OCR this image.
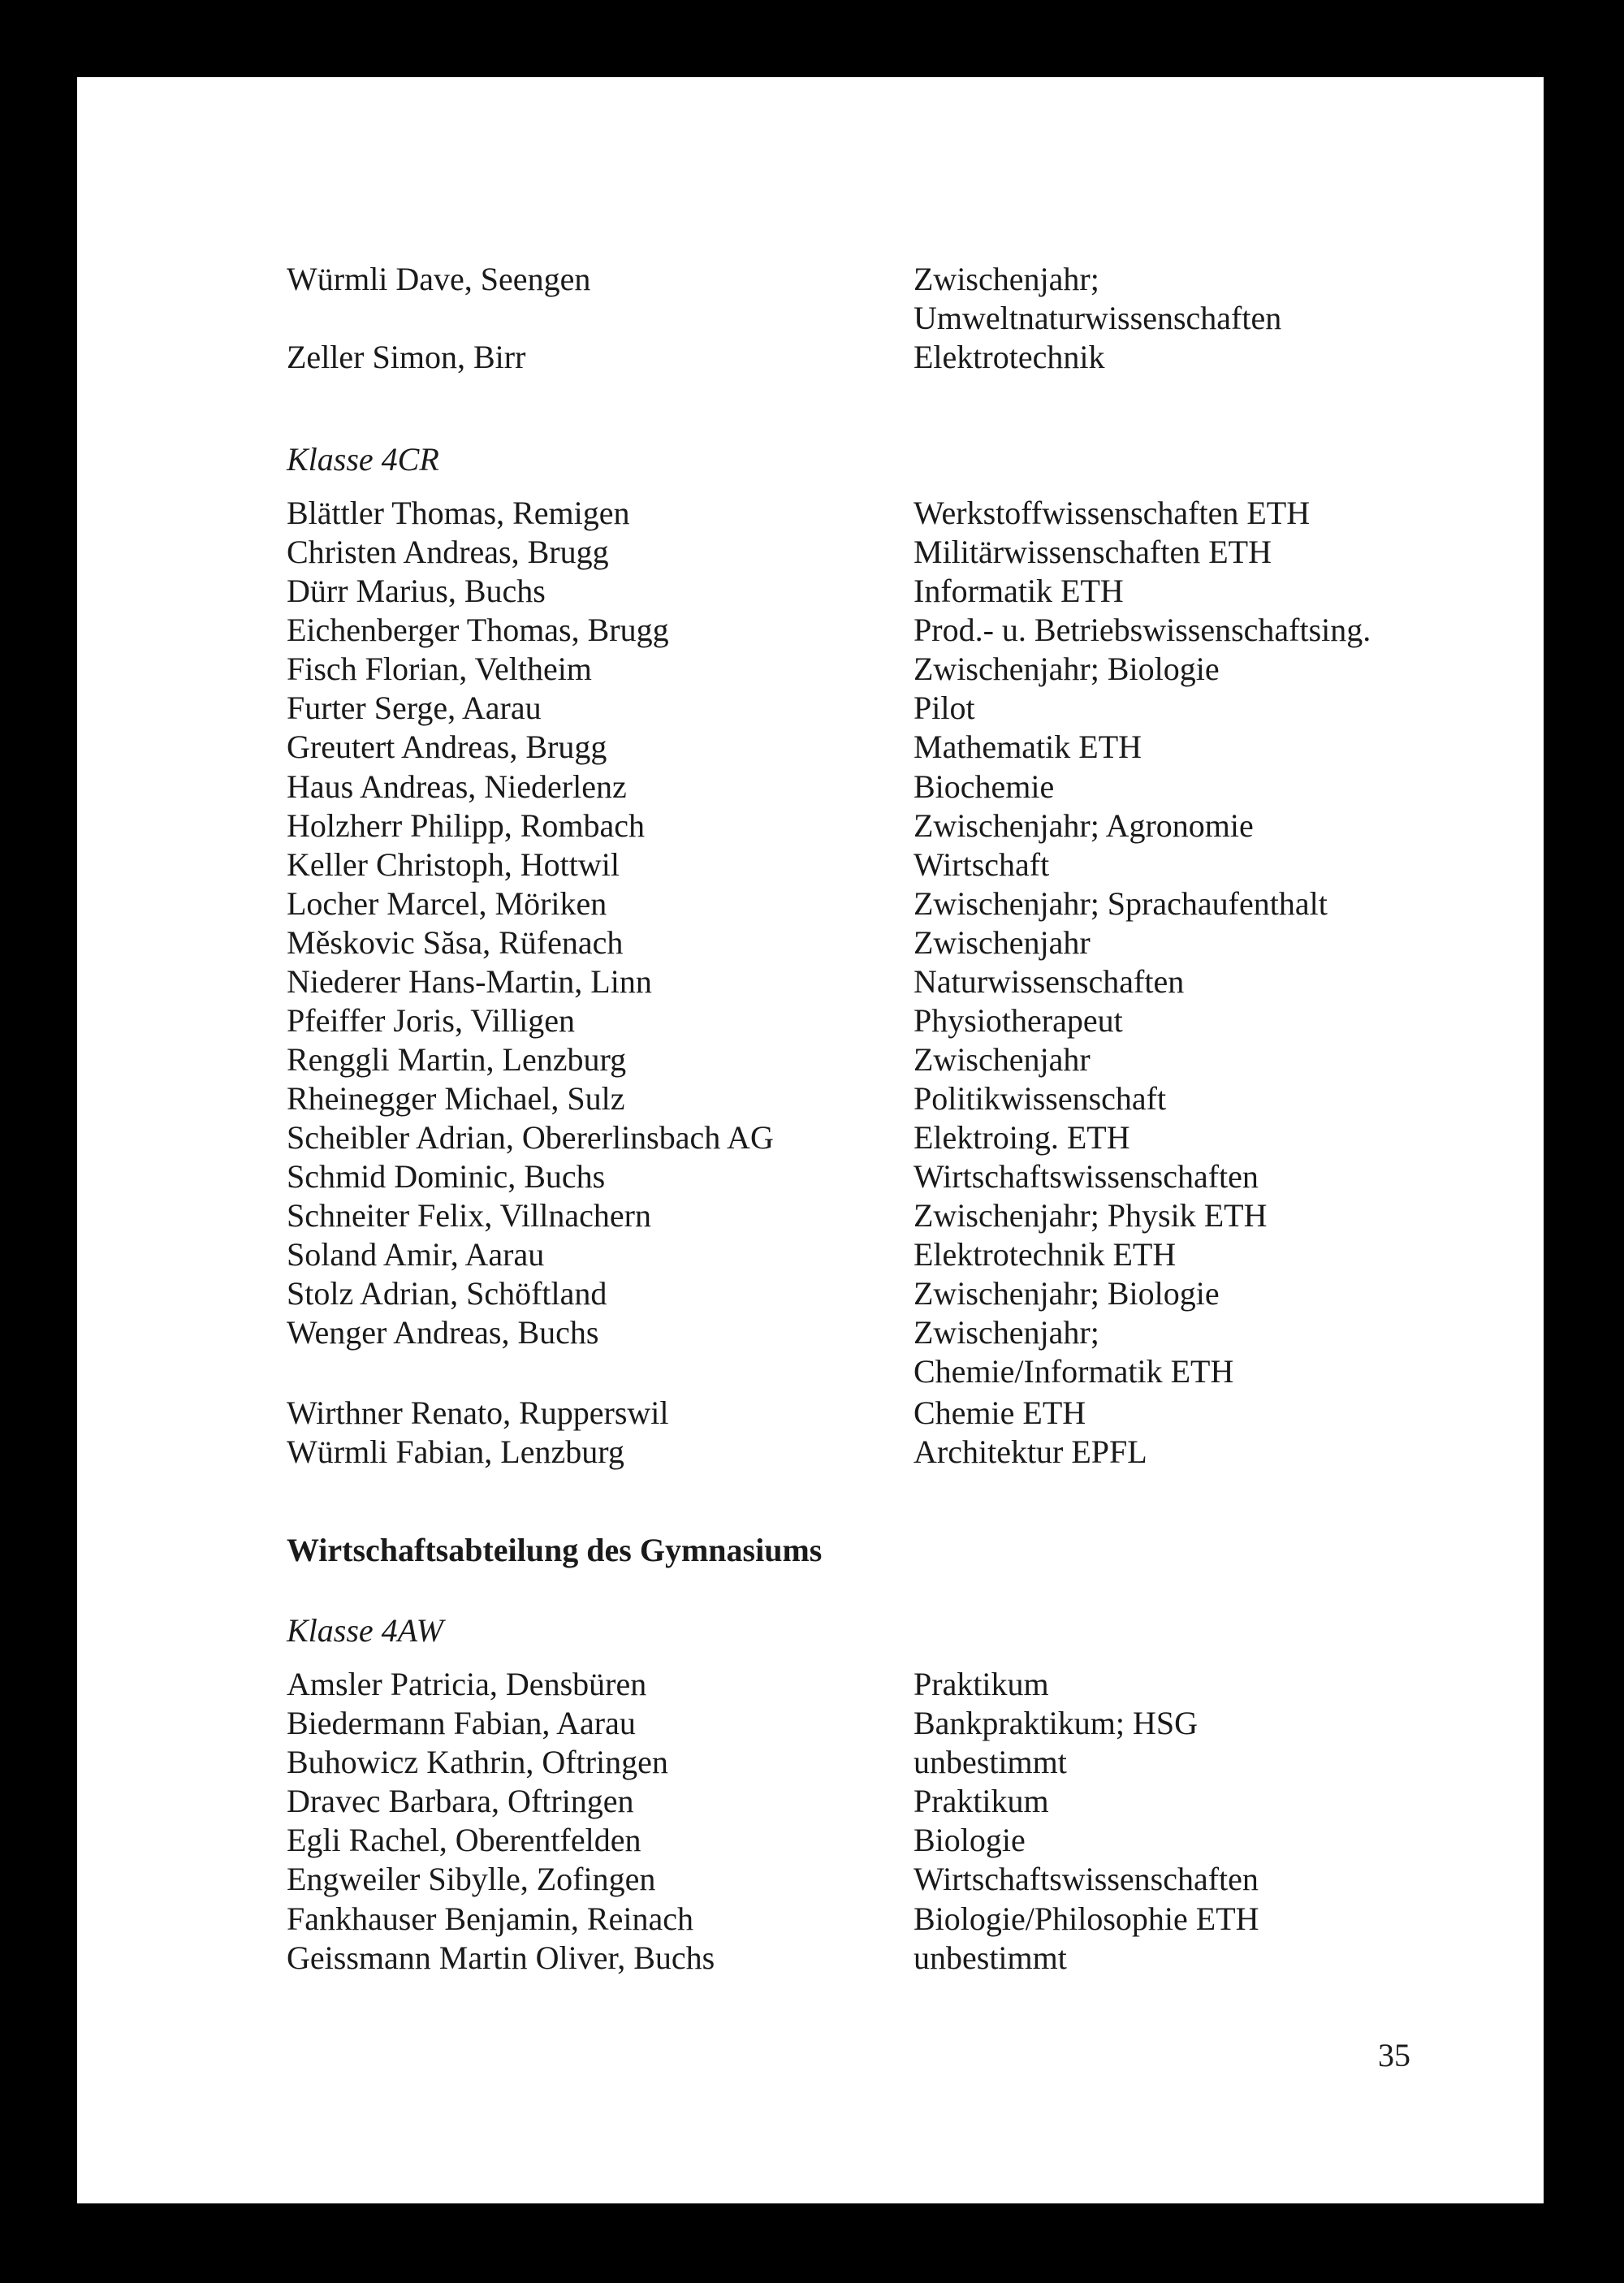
Würmli Dave, Seengen	Zwischenjahr;
Umweltnaturwissenschaften
Zeller Simon, Birr	Elektrotechnik
Klasse 4CR
Blättler Thomas, Remigen	Werkstoffwissenschaften ETH
Christen Andreas, Brugg	Militärwissenschaften ETH
Dürr Marius, Buchs	Informatik ETH
Eichenberger Thomas, Brugg	Prod.- u. Betriebswissenschaftsing.
Fisch Florian, Veltheim	Zwischenjahr; Biologie
Furter Serge, Aarau	Pilot
Greutert Andreas, Brugg	Mathematik ETH
Haus Andreas, Niederlenz	Biochemie
Holzherr Philipp, Rombach	Zwischenjahr; Agronomie
Keller Christoph, Hottwil	Wirtschaft
Locher Marcel, Möriken	Zwischenjahr; Sprachaufenthalt
Měskovic Săsa, Rüfenach	Zwischenjahr
Niederer Hans-Martin, Linn	Naturwissenschaften
Pfeiffer Joris, Villigen	Physiotherapeut
Renggli Martin, Lenzburg	Zwischenjahr
Rheinegger Michael, Sulz	Politikwissenschaft
Scheibler Adrian, Obererlinsbach AG	Elektroing. ETH
Schmid Dominic, Buchs	Wirtschaftswissenschaften
Schneiter Felix, Villnachern	Zwischenjahr; Physik ETH
Soland Amir, Aarau	Elektrotechnik ETH
Stolz Adrian, Schöftland	Zwischenjahr; Biologie
Wenger Andreas, Buchs	Zwischenjahr;
Chemie/Informatik ETH
Wirthner Renato, Rupperswil	Chemie ETH
Würmli Fabian, Lenzburg	Architektur EPFL
Wirtschaftsabteilung des Gymnasiums
Klasse 4AW
Amsler Patricia, Densbüren	Praktikum
Biedermann Fabian, Aarau	Bankpraktikum; HSG
Buhowicz Kathrin, Oftringen	unbestimmt
Dravec Barbara, Oftringen	Praktikum
Egli Rachel, Oberentfelden	Biologie
Engweiler Sibylle, Zofingen	Wirtschaftswissenschaften
Fankhauser Benjamin, Reinach	Biologie/Philosophie ETH
Geissmann Martin Oliver, Buchs	unbestimmt
35
